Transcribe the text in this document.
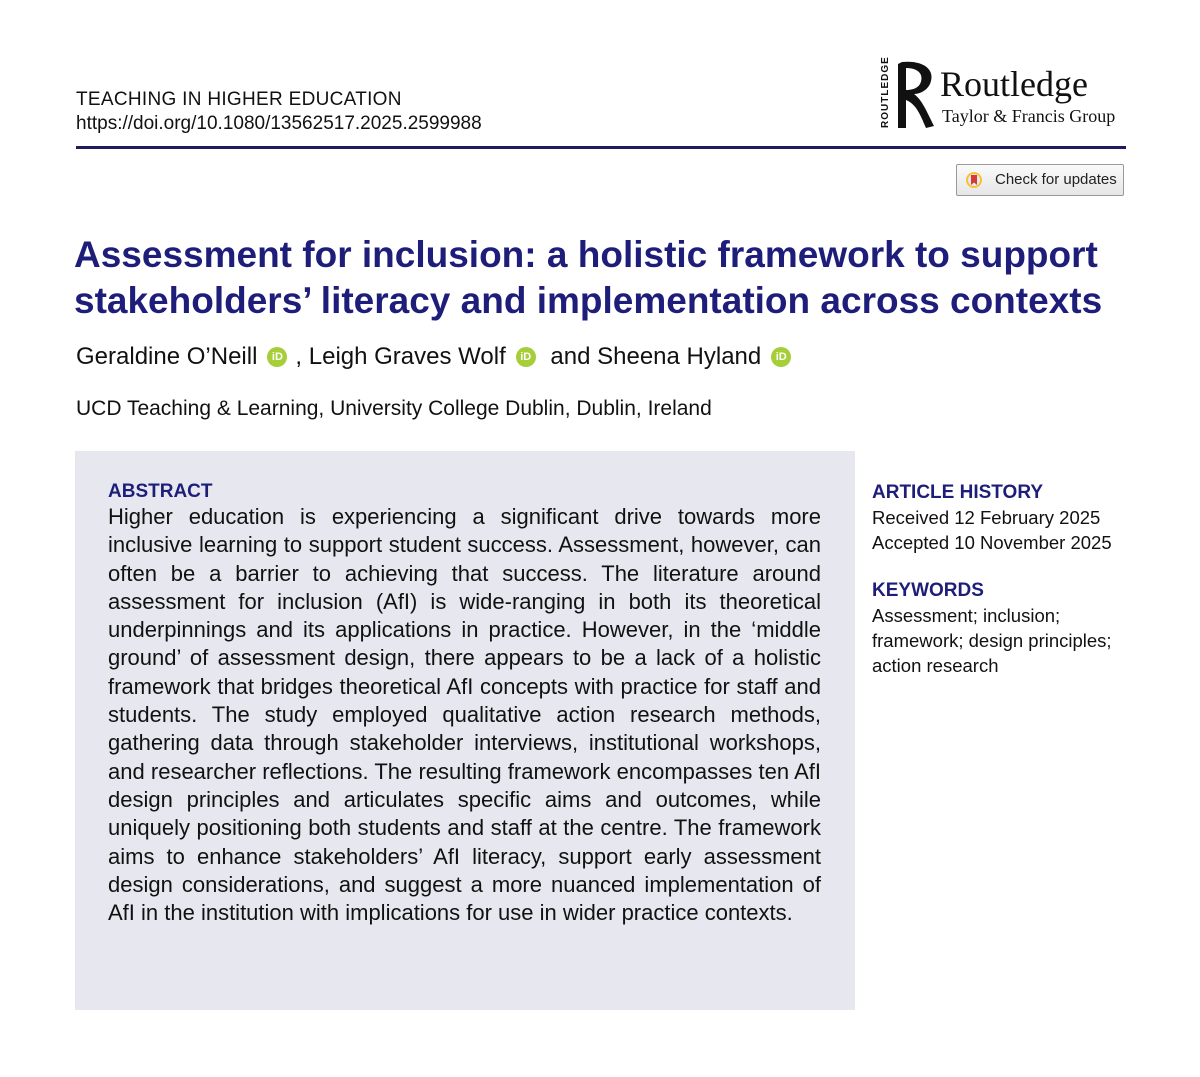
TEACHING IN HIGHER EDUCATION
https://doi.org/10.1080/13562517.2025.2599988	ROUTLEDGE Routledge
Taylor & Francis Group
Check for updates
Assessment for inclusion: a holistic framework to support stakeholders’ literacy and implementation across contexts
Geraldine O’Neill iD , Leigh Graves Wolf iD and Sheena Hyland iD
UCD Teaching & Learning, University College Dublin, Dublin, Ireland
ABSTRACT
Higher education is experiencing a significant drive towards more inclusive learning to support student success. Assessment, however, can often be a barrier to achieving that success. The literature around assessment for inclusion (AfI) is wide-ranging in both its theoretical underpinnings and its applications in practice. However, in the ‘middle ground’ of assessment design, there appears to be a lack of a holistic framework that bridges theoretical AfI concepts with practice for staff and students. The study employed qualitative action research methods, gathering data through stakeholder interviews, institutional workshops, and researcher reflections. The resulting framework encompasses ten AfI design principles and articulates specific aims and outcomes, while uniquely positioning both students and staff at the centre. The framework aims to enhance stakeholders’ AfI literacy, support early assessment design considerations, and suggest a more nuanced implementation of AfI in the institution with implications for use in wider practice contexts.
ARTICLE HISTORY
Received 12 February 2025
Accepted 10 November 2025
KEYWORDS
Assessment; inclusion; framework; design principles; action research
